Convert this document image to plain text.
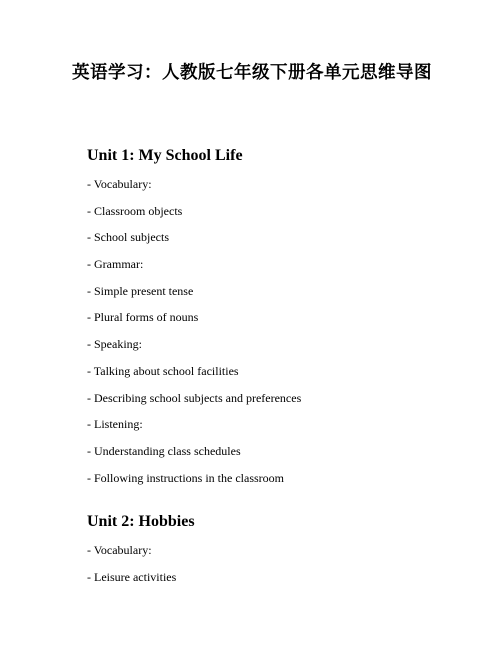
英语学习：人教版七年级下册各单元思维导图
Unit 1: My School Life
- Vocabulary:
- Classroom objects
- School subjects
- Grammar:
- Simple present tense
- Plural forms of nouns
- Speaking:
- Talking about school facilities
- Describing school subjects and preferences
- Listening:
- Understanding class schedules
- Following instructions in the classroom
Unit 2: Hobbies
- Vocabulary:
- Leisure activities
